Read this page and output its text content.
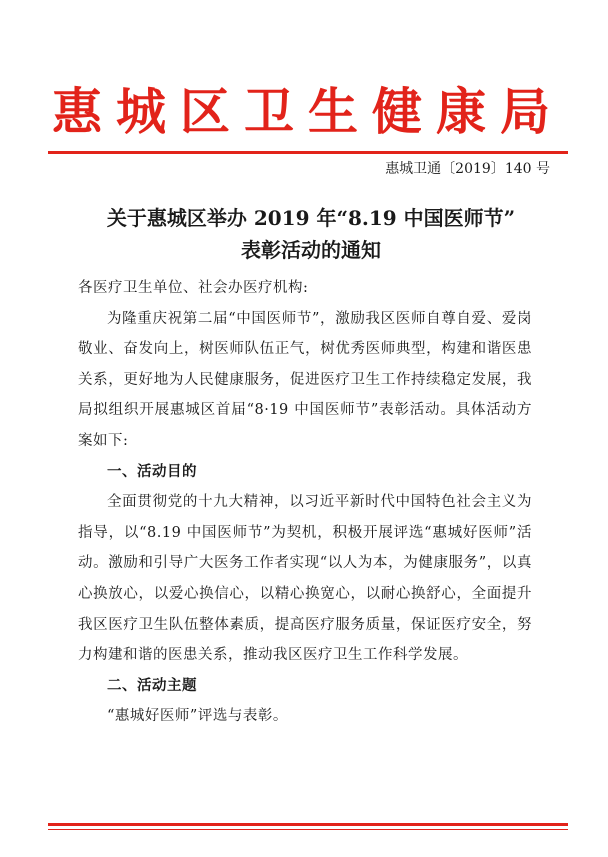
惠城区卫生健康局
惠城卫通〔2019〕140 号
关于惠城区举办 2019 年“8.19 中国医师节”
表彰活动的通知

各医疗卫生单位、社会办医疗机构:

为隆重庆祝第二届“中国医师节”，激励我区医师自尊自爱、爱岗敬业、奋发向上，树医师队伍正气，树优秀医师典型，构建和谐医患关系，更好地为人民健康服务，促进医疗卫生工作持续稳定发展，我局拟组织开展惠城区首届“8·19 中国医师节”表彰活动。具体活动方案如下:

一、活动目的

全面贯彻党的十九大精神，以习近平新时代中国特色社会主义为指导，以“8.19 中国医师节”为契机，积极开展评选“惠城好医师”活动。激励和引导广大医务工作者实现“以人为本，为健康服务”，以真心换放心，以爱心换信心，以精心换宽心，以耐心换舒心，全面提升我区医疗卫生队伍整体素质，提高医疗服务质量，保证医疗安全，努力构建和谐的医患关系，推动我区医疗卫生工作科学发展。

二、活动主题

“惠城好医师”评选与表彰。
